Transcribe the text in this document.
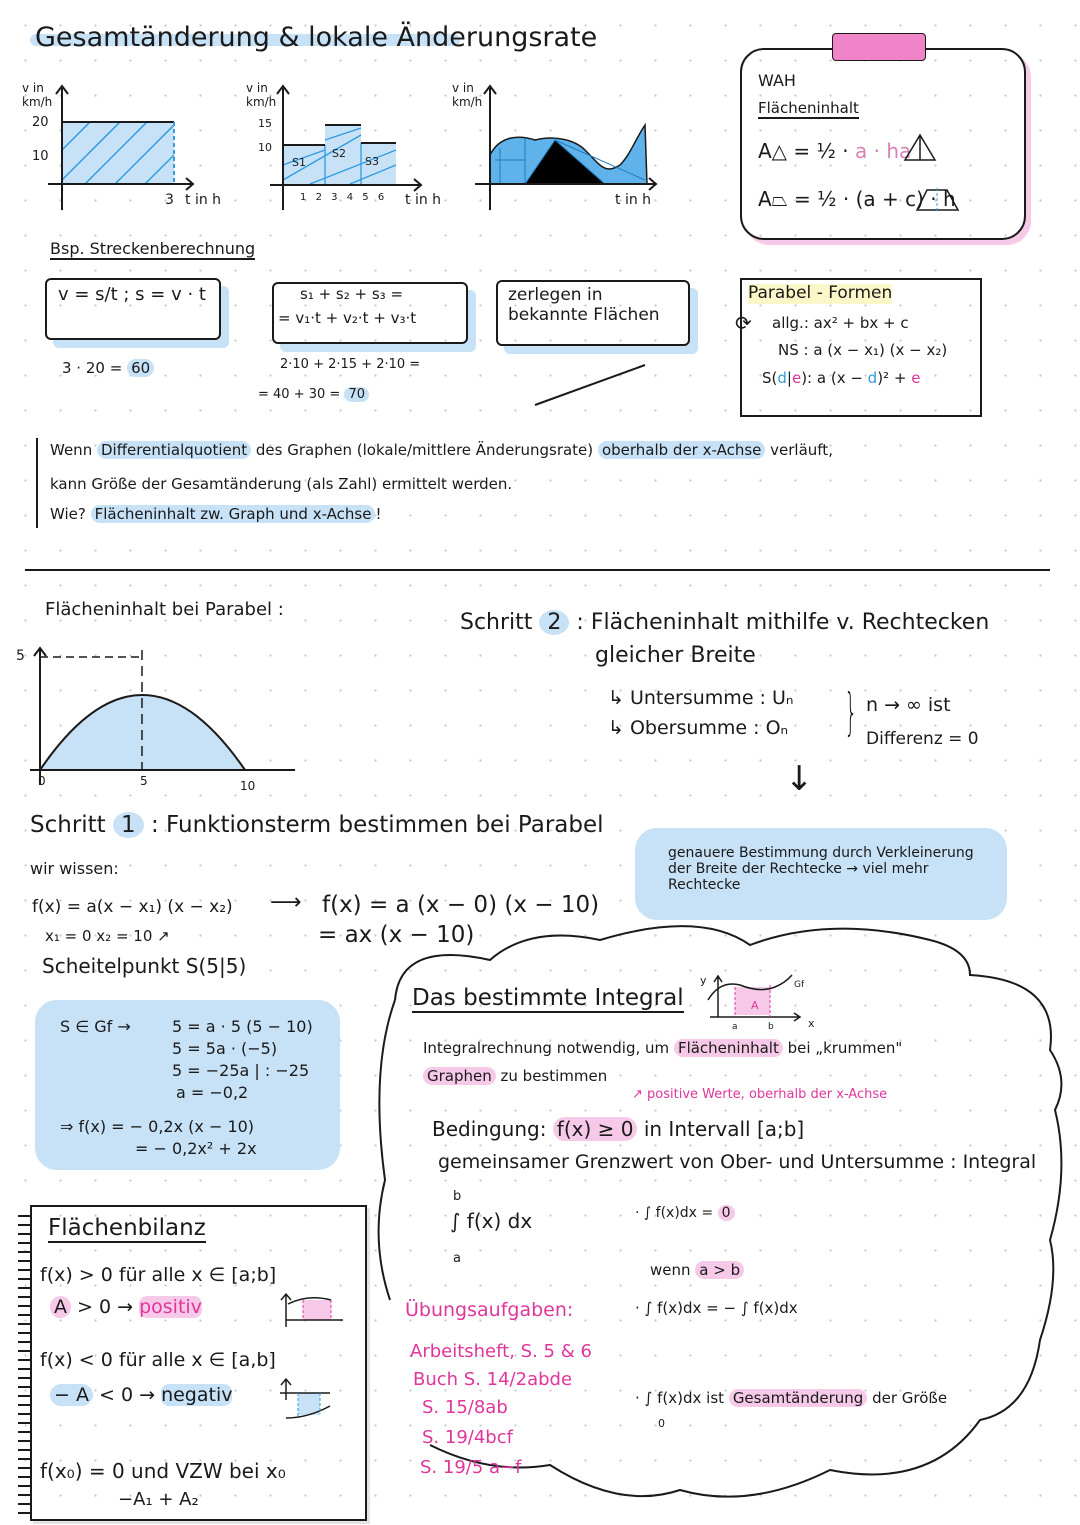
Gesamtänderung & lokale Änderungsrate
v in
km/h
20
10
3 t in h
v in
km/h
15
10
S1
S2
S3
1 2 3 4 5 6 t in h
v in
km/h
t in h
WAH
Flächeninhalt
A△ = ½ · a · ha
A⏢ = ½ · (a + c) · h
Bsp. Streckenberechnung
v = s/t ; s = v · t	s₁ + s₂ + s₃ =
= v₁·t + v₂·t + v₃·t
zerlegen in bekannte Flächen
3 · 20 = 60	2·10 + 2·15 + 2·10 =
= 40 + 30 = 70
Parabel - Formen
⟳ allg.: ax² + bx + c
NS : a (x − x₁) (x − x₂)
S(d|e): a (x − d)² + e
Wenn Differentialquotient des Graphen (lokale/mittlere Änderungsrate) oberhalb der x-Achse verläuft,
kann Größe der Gesamtänderung (als Zahl) ermittelt werden.
Wie? Flächeninhalt zw. Graph und x-Achse !
Flächeninhalt bei Parabel :
5
0	5	10
Schritt 2 : Flächeninhalt mithilfe v. Rechtecken
gleicher Breite
↳ Untersumme : Uₙ
↳ Obersumme : Oₙ } n → ∞ ist
Differenz = 0
↓
genauere Bestimmung durch Verkleinerung der Breite der Rechtecke → viel mehr Rechtecke
Schritt 1 : Funktionsterm bestimmen bei Parabel
wir wissen:
f(x) = a(x − x₁) (x − x₂) ⟶ f(x) = a (x − 0) (x − 10)
= ax (x − 10)
x₁ = 0 x₂ = 10 ↗
Scheitelpunkt S(5|5)
S ∈ Gf →	5 = a · 5 (5 − 10)
5 = 5a · (−5)
5 = −25a | : −25
a = −0,2
⇒ f(x) = − 0,2x (x − 10)
= − 0,2x² + 2x
Flächenbilanz
f(x) > 0 für alle x ∈ [a;b]
A > 0 → positiv
f(x) < 0 für alle x ∈ [a,b]
− A < 0 → negativ
f(x₀) = 0 und VZW bei x₀
−A₁ + A₂
Das bestimmte Integral
y
x
a	b
A
Gf
Integralrechnung notwendig, um Flächeninhalt bei „krummen"
Graphen zu bestimmen
↗ positive Werte, oberhalb der x-Achse
Bedingung: f(x) ≥ 0 in Intervall [a;b]
gemeinsamer Grenzwert von Ober- und Untersumme : Integral
b
∫ f(x) dx
a
· ∫ f(x)dx = 0
wenn a > b
· ∫ f(x)dx = − ∫ f(x)dx
· ∫ f(x)dx ist Gesamtänderung der Größe
0
Übungsaufgaben:
Arbeitsheft, S. 5 & 6
Buch S. 14/2abde
S. 15/8ab
S. 19/4bcf
S. 19/5 a−f
